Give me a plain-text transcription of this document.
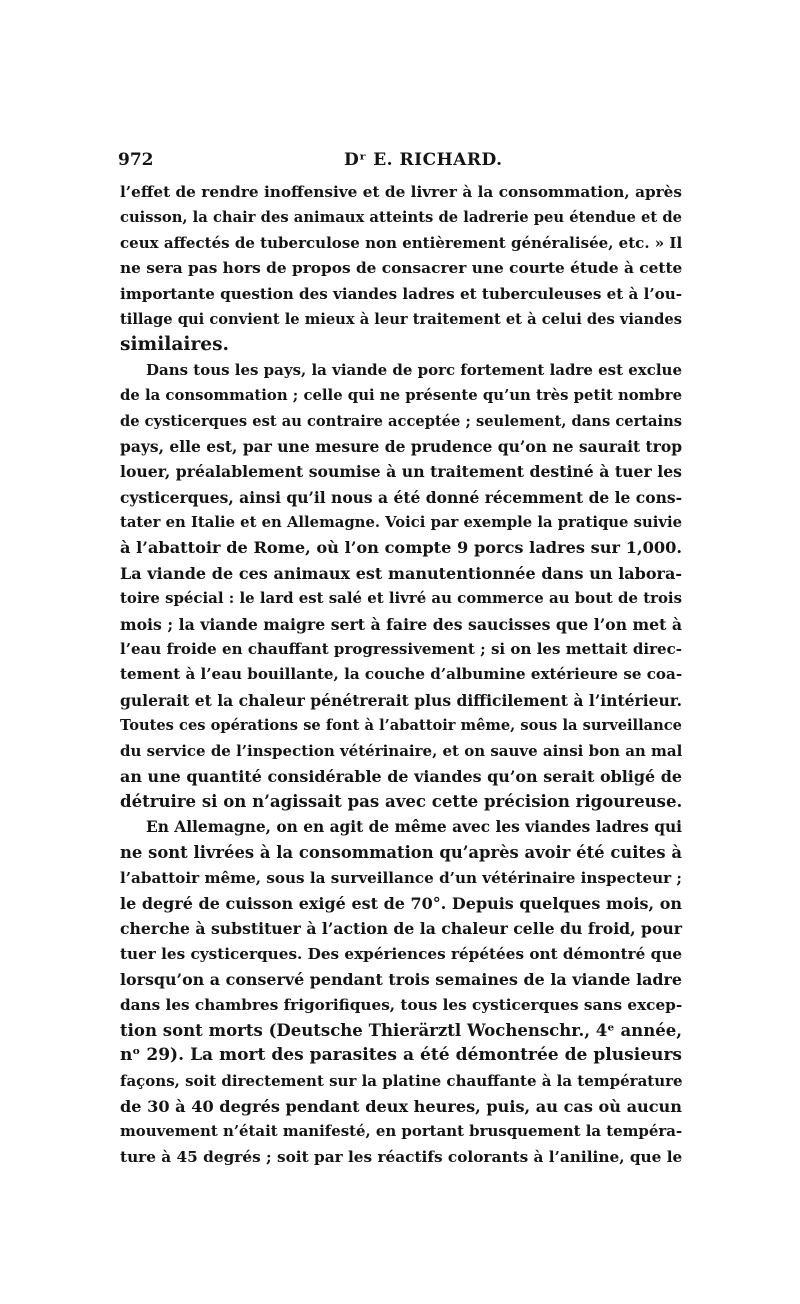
972	Dʳ E. RICHARD.
l’effet de rendre inoffensive et de livrer à la consommation, après
cuisson, la chair des animaux atteints de ladrerie peu étendue et de
ceux affectés de tuberculose non entièrement généralisée, etc. » Il
ne sera pas hors de propos de consacrer une courte étude à cette
importante question des viandes ladres et tuberculeuses et à l’ou-
tillage qui convient le mieux à leur traitement et à celui des viandes
similaires.
Dans tous les pays, la viande de porc fortement ladre est exclue
de la consommation ; celle qui ne présente qu’un très petit nombre
de cysticerques est au contraire acceptée ; seulement, dans certains
pays, elle est, par une mesure de prudence qu’on ne saurait trop
louer, préalablement soumise à un traitement destiné à tuer les
cysticerques, ainsi qu’il nous a été donné récemment de le cons-
tater en Italie et en Allemagne. Voici par exemple la pratique suivie
à l’abattoir de Rome, où l’on compte 9 porcs ladres sur 1,000.
La viande de ces animaux est manutentionnée dans un labora-
toire spécial : le lard est salé et livré au commerce au bout de trois
mois ; la viande maigre sert à faire des saucisses que l’on met à
l’eau froide en chauffant progressivement ; si on les mettait direc-
tement à l’eau bouillante, la couche d’albumine extérieure se coa-
gulerait et la chaleur pénétrerait plus difficilement à l’intérieur.
Toutes ces opérations se font à l’abattoir même, sous la surveillance
du service de l’inspection vétérinaire, et on sauve ainsi bon an mal
an une quantité considérable de viandes qu’on serait obligé de
détruire si on n’agissait pas avec cette précision rigoureuse.
En Allemagne, on en agit de même avec les viandes ladres qui
ne sont livrées à la consommation qu’après avoir été cuites à
l’abattoir même, sous la surveillance d’un vétérinaire inspecteur ;
le degré de cuisson exigé est de 70°. Depuis quelques mois, on
cherche à substituer à l’action de la chaleur celle du froid, pour
tuer les cysticerques. Des expériences répétées ont démontré que
lorsqu’on a conservé pendant trois semaines de la viande ladre
dans les chambres frigorifiques, tous les cysticerques sans excep-
tion sont morts (Deutsche Thierärztl Wochenschr., 4ᵉ année,
nᵒ 29). La mort des parasites a été démontrée de plusieurs
façons, soit directement sur la platine chauffante à la température
de 30 à 40 degrés pendant deux heures, puis, au cas où aucun
mouvement n’était manifesté, en portant brusquement la tempéra-
ture à 45 degrés ; soit par les réactifs colorants à l’aniline, que le
